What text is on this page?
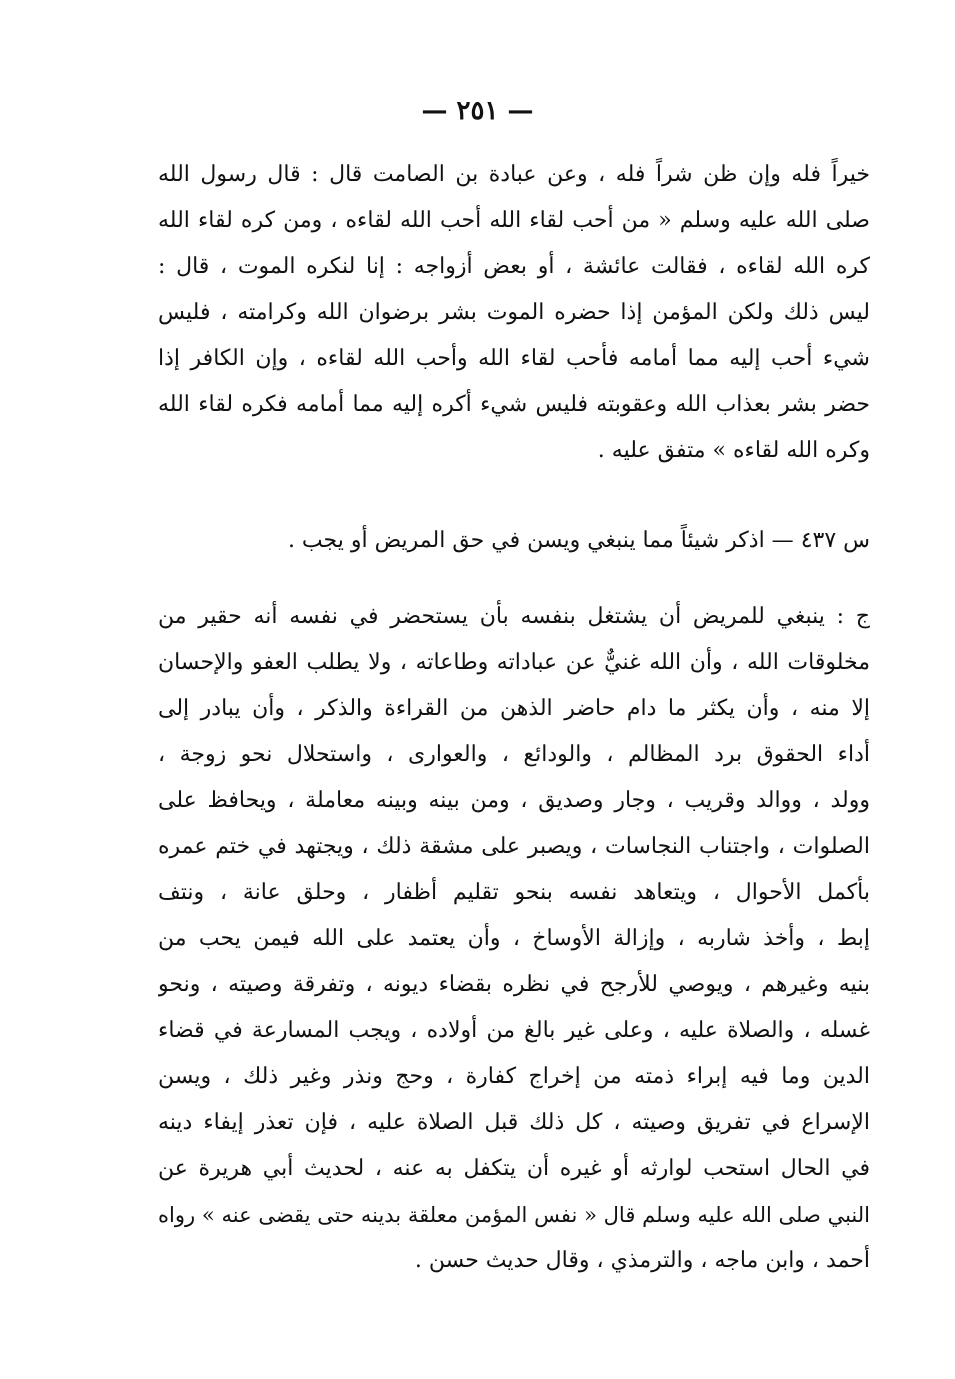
— ٢٥١ —
خيراً فله وإن ظن شراً فله ، وعن عبادة بن الصامت قال : قال رسول الله
صلى الله عليه وسلم « من أحب لقاء الله أحب الله لقاءه ، ومن كره لقاء الله
كره الله لقاءه ، فقالت عائشة ، أو بعض أزواجه : إنا لنكره الموت ، قال :
ليس ذلك ولكن المؤمن إذا حضره الموت بشر برضوان الله وكرامته ، فليس
شيء أحب إليه مما أمامه فأحب لقاء الله وأحب الله لقاءه ، وإن الكافر إذا
حضر بشر بعذاب الله وعقوبته فليس شيء أكره إليه مما أمامه فكره لقاء الله
وكره الله لقاءه » متفق عليه .
س ٤٣٧ — اذكر شيئاً مما ينبغي ويسن في حق المريض أو يجب .
ج : ينبغي للمريض أن يشتغل بنفسه بأن يستحضر في نفسه أنه حقير من
مخلوقات الله ، وأن الله غنيٌّ عن عباداته وطاعاته ، ولا يطلب العفو والإحسان
إلا منه ، وأن يكثر ما دام حاضر الذهن من القراءة والذكر ، وأن يبادر إلى
أداء الحقوق برد المظالم ، والودائع ، والعوارى ، واستحلال نحو زوجة ،
وولد ، ووالد وقريب ، وجار وصديق ، ومن بينه وبينه معاملة ، ويحافظ على
الصلوات ، واجتناب النجاسات ، ويصبر على مشقة ذلك ، ويجتهد في ختم عمره
بأكمل الأحوال ، ويتعاهد نفسه بنحو تقليم أظفار ، وحلق عانة ، ونتف
إبط ، وأخذ شاربه ، وإزالة الأوساخ ، وأن يعتمد على الله فيمن يحب من
بنيه وغيرهم ، ويوصي للأرجح في نظره بقضاء ديونه ، وتفرقة وصيته ، ونحو
غسله ، والصلاة عليه ، وعلى غير بالغ من أولاده ، ويجب المسارعة في قضاء
الدين وما فيه إبراء ذمته من إخراج كفارة ، وحج ونذر وغير ذلك ، ويسن
الإسراع في تفريق وصيته ، كل ذلك قبل الصلاة عليه ، فإن تعذر إيفاء دينه
في الحال استحب لوارثه أو غيره أن يتكفل به عنه ، لحديث أبي هريرة عن
النبي صلى الله عليه وسلم قال « نفس المؤمن معلقة بدينه حتى يقضى عنه » رواه
أحمد ، وابن ماجه ، والترمذي ، وقال حديث حسن .
